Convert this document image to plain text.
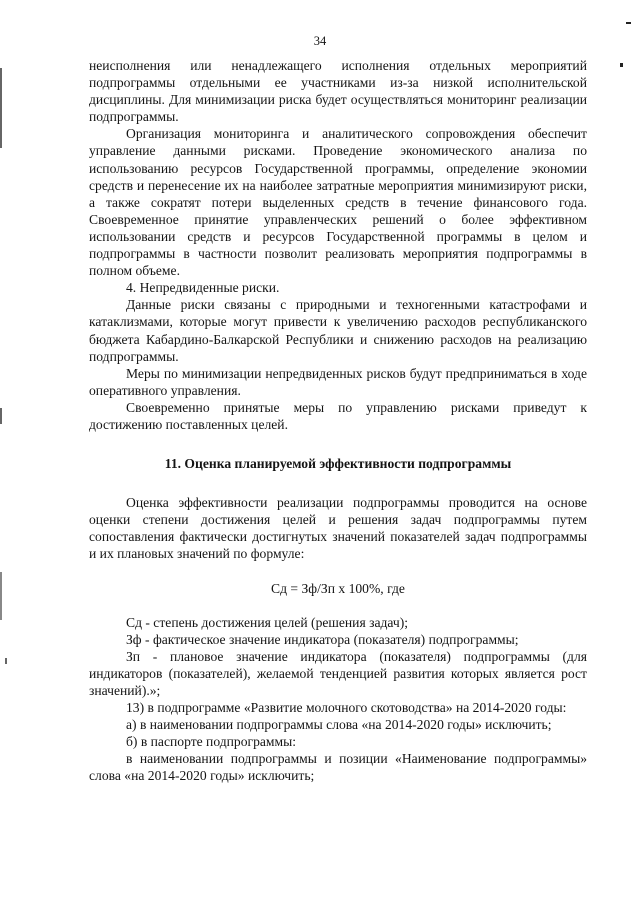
34

неисполнения или ненадлежащего исполнения отдельных мероприятий подпрограммы отдельными ее участниками из-за низкой исполнительской дисциплины. Для минимизации риска будет осуществляться мониторинг реализации подпрограммы.

Организация мониторинга и аналитического сопровождения обеспечит управление данными рисками. Проведение экономического анализа по использованию ресурсов Государственной программы, определение экономии средств и перенесение их на наиболее затратные мероприятия минимизируют риски, а также сократят потери выделенных средств в течение финансового года. Своевременное принятие управленческих решений о более эффективном использовании средств и ресурсов Государственной программы в целом и подпрограммы в частности позволит реализовать мероприятия подпрограммы в полном объеме.

4. Непредвиденные риски.

Данные риски связаны с природными и техногенными катастрофами и катаклизмами, которые могут привести к увеличению расходов республиканского бюджета Кабардино-Балкарской Республики и снижению расходов на реализацию подпрограммы.

Меры по минимизации непредвиденных рисков будут предприниматься в ходе оперативного управления.

Своевременно принятые меры по управлению рисками приведут к достижению поставленных целей.

11. Оценка планируемой эффективности подпрограммы

Оценка эффективности реализации подпрограммы проводится на основе оценки степени достижения целей и решения задач подпрограммы путем сопоставления фактически достигнутых значений показателей задач подпрограммы и их плановых значений по формуле:

Сд = Зф/Зп х 100%, где

Сд - степень достижения целей (решения задач);

Зф - фактическое значение индикатора (показателя) подпрограммы;

Зп - плановое значение индикатора (показателя) подпрограммы (для индикаторов (показателей), желаемой тенденцией развития которых является рост значений).»;

13) в подпрограмме «Развитие молочного скотоводства» на 2014-2020 годы:

а) в наименовании подпрограммы слова «на 2014-2020 годы» исключить;

б) в паспорте подпрограммы:

в наименовании подпрограммы и позиции «Наименование подпрограммы» слова «на 2014-2020 годы» исключить;
